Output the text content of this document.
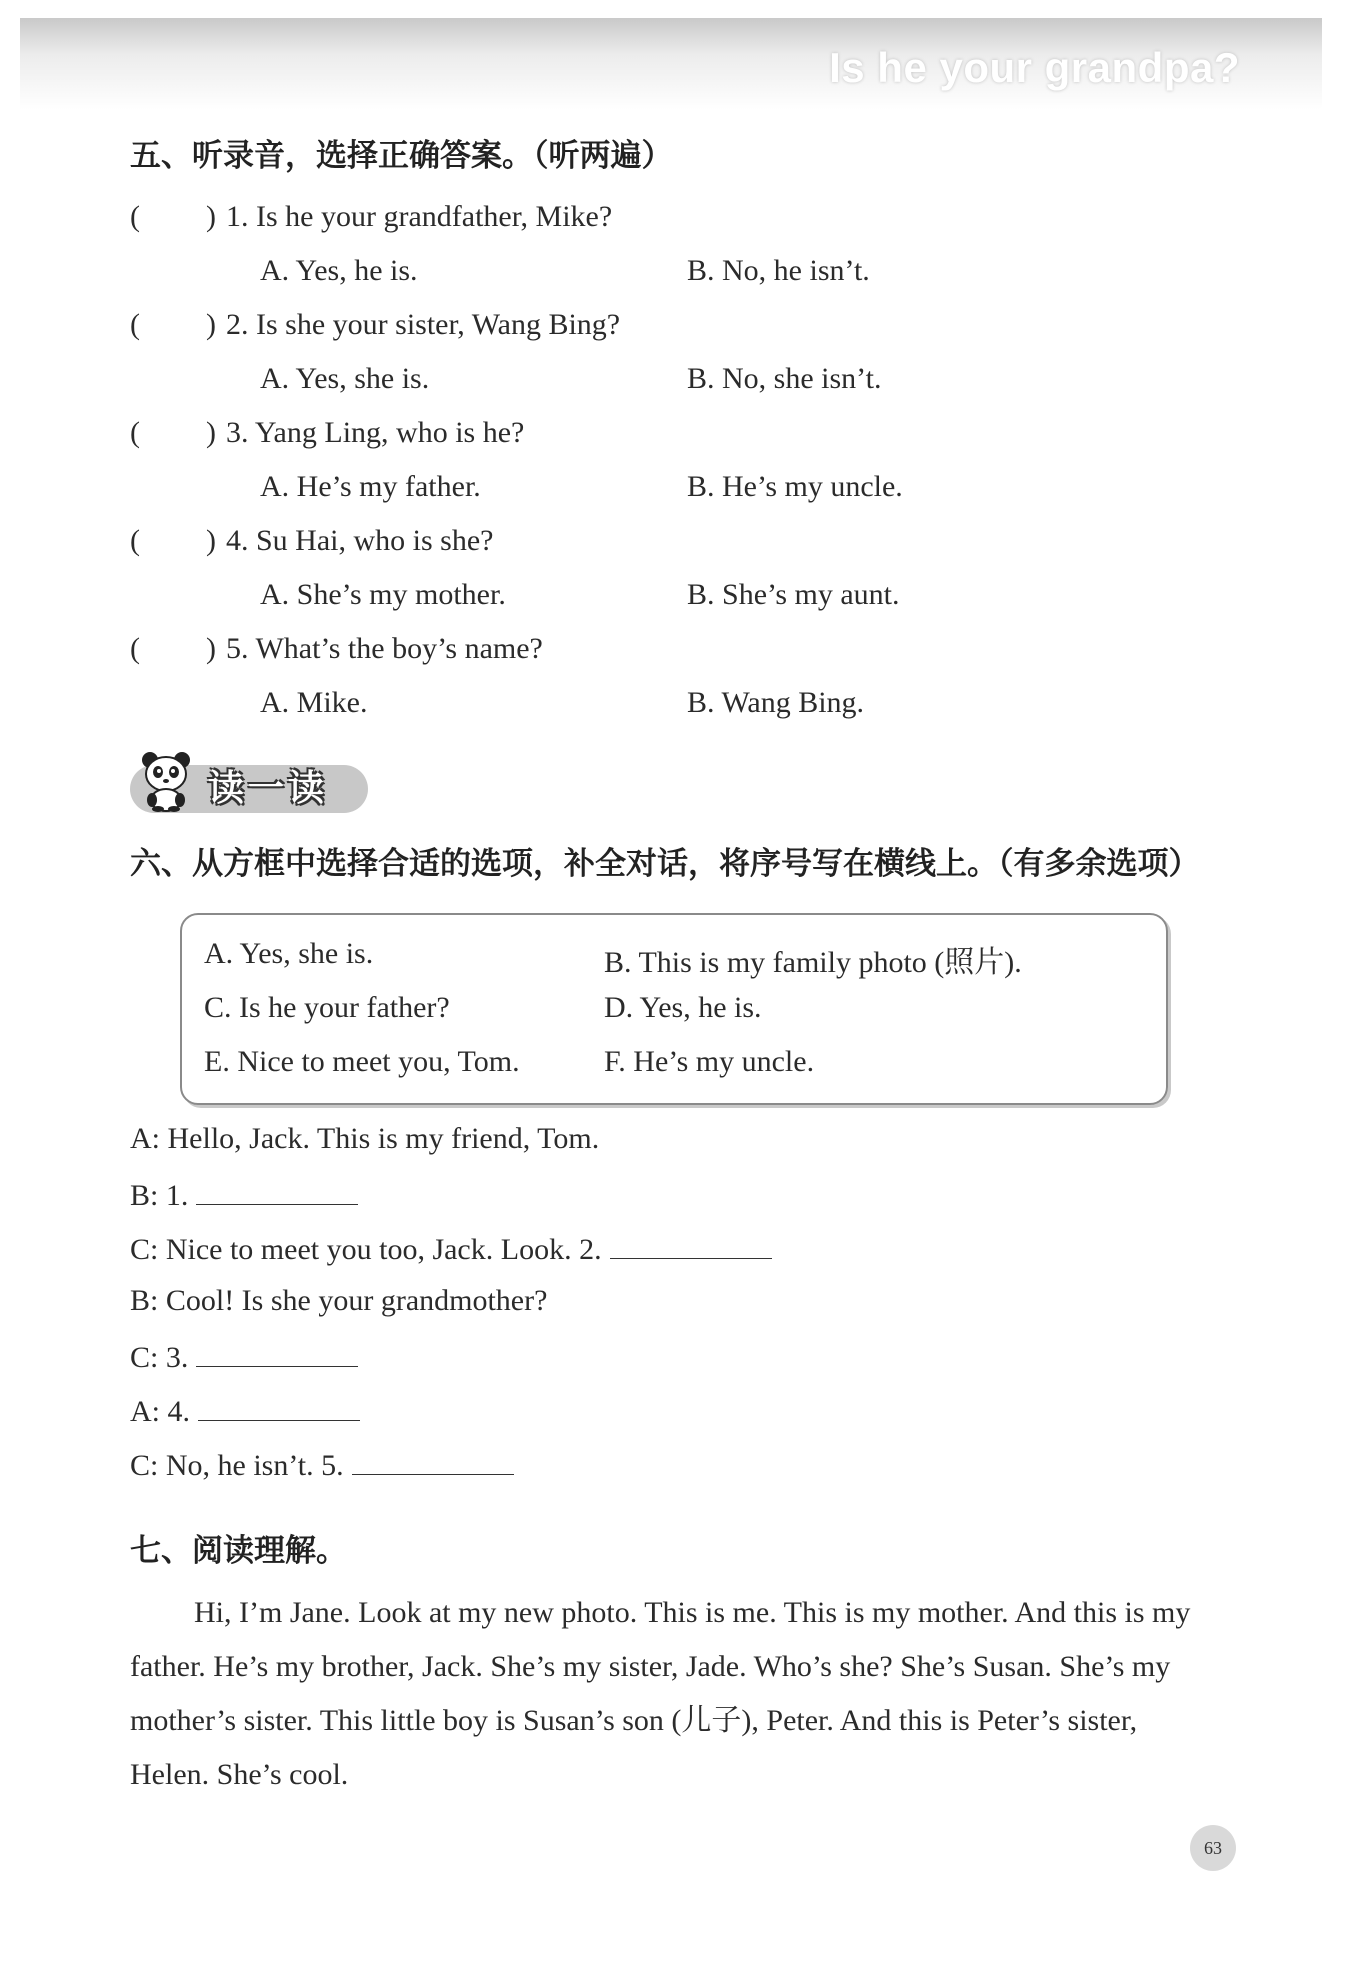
Is he your grandpa?
五、听录音，选择正确答案。（听两遍）
( ) 1. Is he your grandfather, Mike?
A. Yes, he is.	B. No, he isn’t.
( ) 2. Is she your sister, Wang Bing?
A. Yes, she is.	B. No, she isn’t.
( ) 3. Yang Ling, who is he?
A. He’s my father.	B. He’s my uncle.
( ) 4. Su Hai, who is she?
A. She’s my mother.	B. She’s my aunt.
( ) 5. What’s the boy’s name?
A. Mike.	B. Wang Bing.
读一读
六、从方框中选择合适的选项，补全对话，将序号写在横线上。（有多余选项）
A. Yes, she is.	B. This is my family photo (照片).
C. Is he your father?	D. Yes, he is.
E. Nice to meet you, Tom.	F. He’s my uncle.
A: Hello, Jack. This is my friend, Tom.
B: 1.
C: Nice to meet you too, Jack. Look. 2.
B: Cool! Is she your grandmother?
C: 3.
A: 4.
C: No, he isn’t. 5.
七、阅读理解。
Hi, I’m Jane. Look at my new photo. This is me. This is my mother. And this is my father. He’s my brother, Jack. She’s my sister, Jade. Who’s she? She’s Susan. She’s my mother’s sister. This little boy is Susan’s son (儿子), Peter. And this is Peter’s sister, Helen. She’s cool.
63
